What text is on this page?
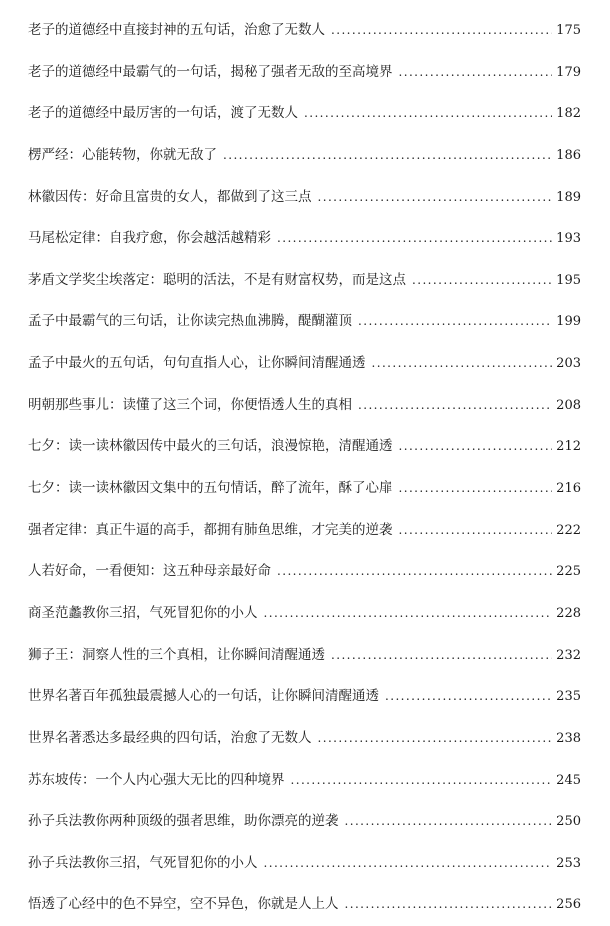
老子的道德经中直接封神的五句话，治愈了无数人 . . .	175
老子的道德经中最霸气的一句话，揭秘了强者无敌的至高境界 . . .	179
老子的道德经中最厉害的一句话，渡了无数人 . . .	182
楞严经：心能转物，你就无敌了 . . .	186
林徽因传：好命且富贵的女人，都做到了这三点 . . .	189
马尾松定律：自我疗愈，你会越活越精彩 . . .	193
茅盾文学奖尘埃落定：聪明的活法，不是有财富权势，而是这点 . . .	195
孟子中最霸气的三句话，让你读完热血沸腾，醍醐灌顶 . . .	199
孟子中最火的五句话，句句直指人心，让你瞬间清醒通透 . . .	203
明朝那些事儿：读懂了这三个词，你便悟透人生的真相 . . .	208
七夕：读一读林徽因传中最火的三句话，浪漫惊艳，清醒通透 . . .	212
七夕：读一读林徽因文集中的五句情话，醉了流年，酥了心扉 . . .	216
强者定律：真正牛逼的高手，都拥有肺鱼思维，才完美的逆袭 . . .	222
人若好命，一看便知：这五种母亲最好命 . . .	225
商圣范蠡教你三招，气死冒犯你的小人 . . .	228
狮子王：洞察人性的三个真相，让你瞬间清醒通透 . . .	232
世界名著百年孤独最震撼人心的一句话，让你瞬间清醒通透 . . .	235
世界名著悉达多最经典的四句话，治愈了无数人 . . .	238
苏东坡传：一个人内心强大无比的四种境界 . . .	245
孙子兵法教你两种顶级的强者思维，助你漂亮的逆袭 . . .	250
孙子兵法教你三招，气死冒犯你的小人 . . .	253
悟透了心经中的色不异空，空不异色，你就是人上人 . . .	256
